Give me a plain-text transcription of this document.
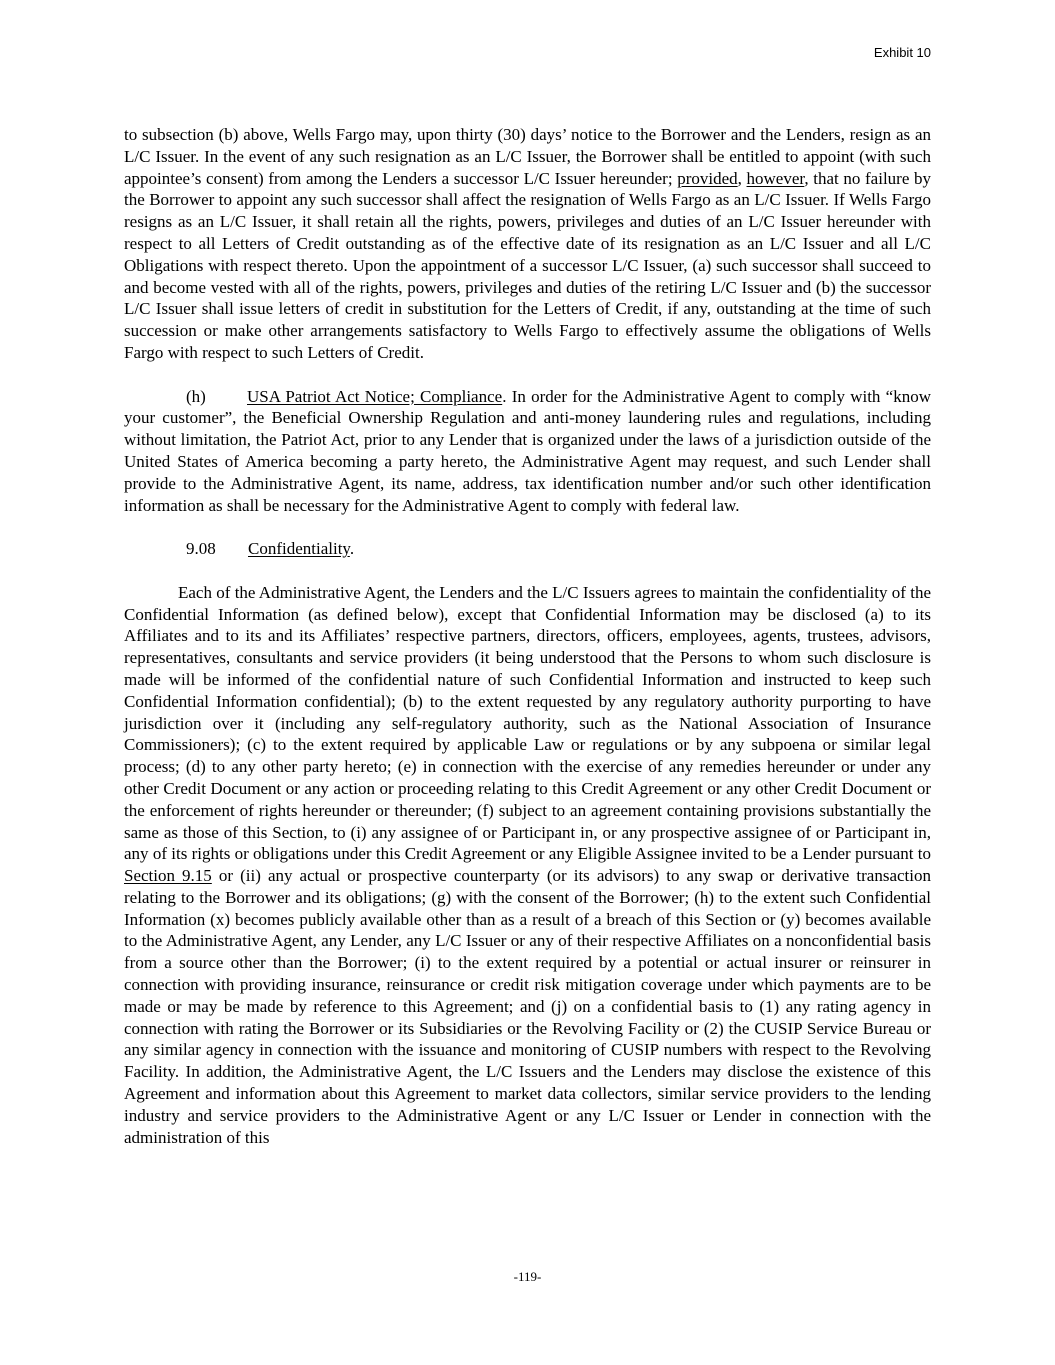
Exhibit 10

to subsection (b) above, Wells Fargo may, upon thirty (30) days’ notice to the Borrower and the Lenders, resign as an L/C Issuer. In the event of any such resignation as an L/C Issuer, the Borrower shall be entitled to appoint (with such appointee’s consent) from among the Lenders a successor L/C Issuer hereunder; provided, however, that no failure by the Borrower to appoint any such successor shall affect the resignation of Wells Fargo as an L/C Issuer. If Wells Fargo resigns as an L/C Issuer, it shall retain all the rights, powers, privileges and duties of an L/C Issuer hereunder with respect to all Letters of Credit outstanding as of the effective date of its resignation as an L/C Issuer and all L/C Obligations with respect thereto. Upon the appointment of a successor L/C Issuer, (a) such successor shall succeed to and become vested with all of the rights, powers, privileges and duties of the retiring L/C Issuer and (b) the successor L/C Issuer shall issue letters of credit in substitution for the Letters of Credit, if any, outstanding at the time of such succession or make other arrangements satisfactory to Wells Fargo to effectively assume the obligations of Wells Fargo with respect to such Letters of Credit.

(h) USA Patriot Act Notice; Compliance. In order for the Administrative Agent to comply with “know your customer”, the Beneficial Ownership Regulation and anti-money laundering rules and regulations, including without limitation, the Patriot Act, prior to any Lender that is organized under the laws of a jurisdiction outside of the United States of America becoming a party hereto, the Administrative Agent may request, and such Lender shall provide to the Administrative Agent, its name, address, tax identification number and/or such other identification information as shall be necessary for the Administrative Agent to comply with federal law.

9.08 Confidentiality.

Each of the Administrative Agent, the Lenders and the L/C Issuers agrees to maintain the confidentiality of the Confidential Information (as defined below), except that Confidential Information may be disclosed (a) to its Affiliates and to its and its Affiliates’ respective partners, directors, officers, employees, agents, trustees, advisors, representatives, consultants and service providers (it being understood that the Persons to whom such disclosure is made will be informed of the confidential nature of such Confidential Information and instructed to keep such Confidential Information confidential); (b) to the extent requested by any regulatory authority purporting to have jurisdiction over it (including any self-regulatory authority, such as the National Association of Insurance Commissioners); (c) to the extent required by applicable Law or regulations or by any subpoena or similar legal process; (d) to any other party hereto; (e) in connection with the exercise of any remedies hereunder or under any other Credit Document or any action or proceeding relating to this Credit Agreement or any other Credit Document or the enforcement of rights hereunder or thereunder; (f) subject to an agreement containing provisions substantially the same as those of this Section, to (i) any assignee of or Participant in, or any prospective assignee of or Participant in, any of its rights or obligations under this Credit Agreement or any Eligible Assignee invited to be a Lender pursuant to Section 9.15 or (ii) any actual or prospective counterparty (or its advisors) to any swap or derivative transaction relating to the Borrower and its obligations; (g) with the consent of the Borrower; (h) to the extent such Confidential Information (x) becomes publicly available other than as a result of a breach of this Section or (y) becomes available to the Administrative Agent, any Lender, any L/C Issuer or any of their respective Affiliates on a nonconfidential basis from a source other than the Borrower; (i) to the extent required by a potential or actual insurer or reinsurer in connection with providing insurance, reinsurance or credit risk mitigation coverage under which payments are to be made or may be made by reference to this Agreement; and (j) on a confidential basis to (1) any rating agency in connection with rating the Borrower or its Subsidiaries or the Revolving Facility or (2) the CUSIP Service Bureau or any similar agency in connection with the issuance and monitoring of CUSIP numbers with respect to the Revolving Facility. In addition, the Administrative Agent, the L/C Issuers and the Lenders may disclose the existence of this Agreement and information about this Agreement to market data collectors, similar service providers to the lending industry and service providers to the Administrative Agent or any L/C Issuer or Lender in connection with the administration of this

-119-
